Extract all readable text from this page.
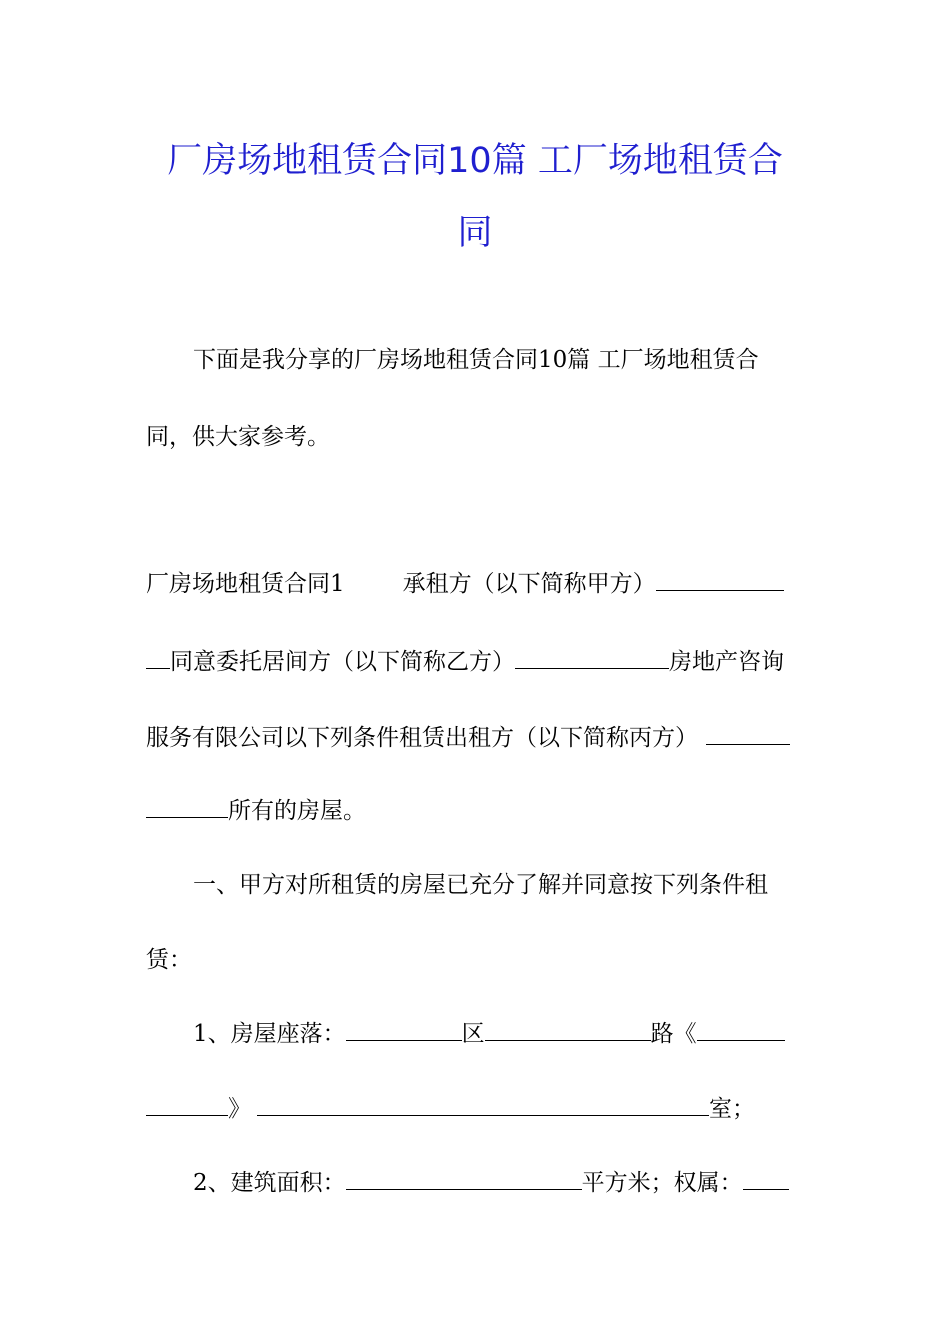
厂房场地租赁合同10篇 工厂场地租赁合
同
下面是我分享的厂房场地租赁合同10篇 工厂场地租赁合
同，供大家参考。
厂房场地租赁合同1	承租方（以下简称甲方）
同意委托居间方（以下简称乙方）	房地产咨询
服务有限公司以下列条件租赁出租方（以下简称丙方）
所有的房屋。
一、甲方对所租赁的房屋已充分了解并同意按下列条件租
赁：
1、房屋座落：	区	路《
》	室；
2、建筑面积：	平方米；权属：
